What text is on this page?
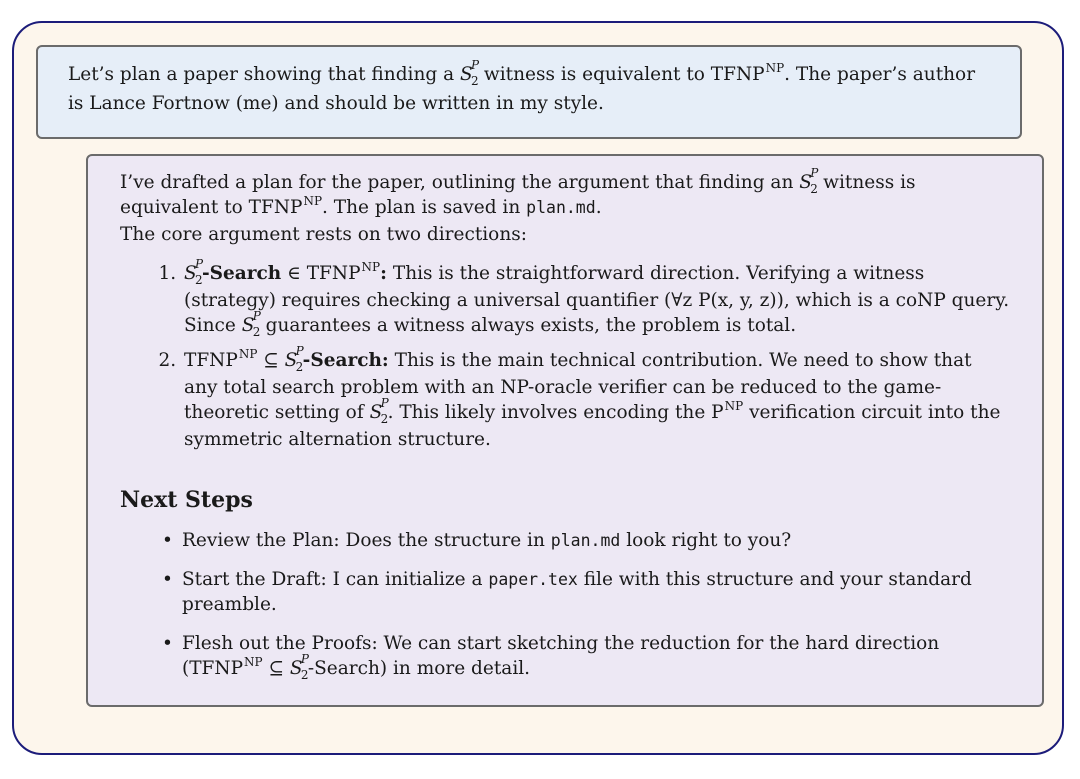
Let’s plan a paper showing that finding a S
P
2 witness is equivalent to $TFNP^{NP}$. The paper’s author is Lance Fortnow (me) and should be written in my style.

I’ve drafted a plan for the paper, outlining the argument that finding an S
P
2 witness is equivalent to $TFNP^{NP}$. The plan is saved in plan.md.

The core argument rests on two directions:

1. S
P
2 -Search ∈ $TFNP^{NP}$: This is the straightforward direction. Verifying a witness (strategy) requires checking a universal quantifier (∀z P(x, y, z)), which is a coNP query. Since S
P
2 guarantees a witness always exists, the problem is total.
2. $TFNP^{NP}$ ⊆ S
P
2 -Search: This is the main technical contribution. We need to show that any total search problem with an NP-oracle verifier can be reduced to the game-theoretic setting of S
P
2 . This likely involves encoding the $P^{NP}$ verification circuit into the symmetric alternation structure.
Next Steps
• Review the Plan: Does the structure in plan.md look right to you?
• Start the Draft: I can initialize a paper.tex file with this structure and your standard preamble.
• Flesh out the Proofs: We can start sketching the reduction for the hard direction ($TFNP^{NP}$ ⊆ S
P
2 -Search) in more detail.
